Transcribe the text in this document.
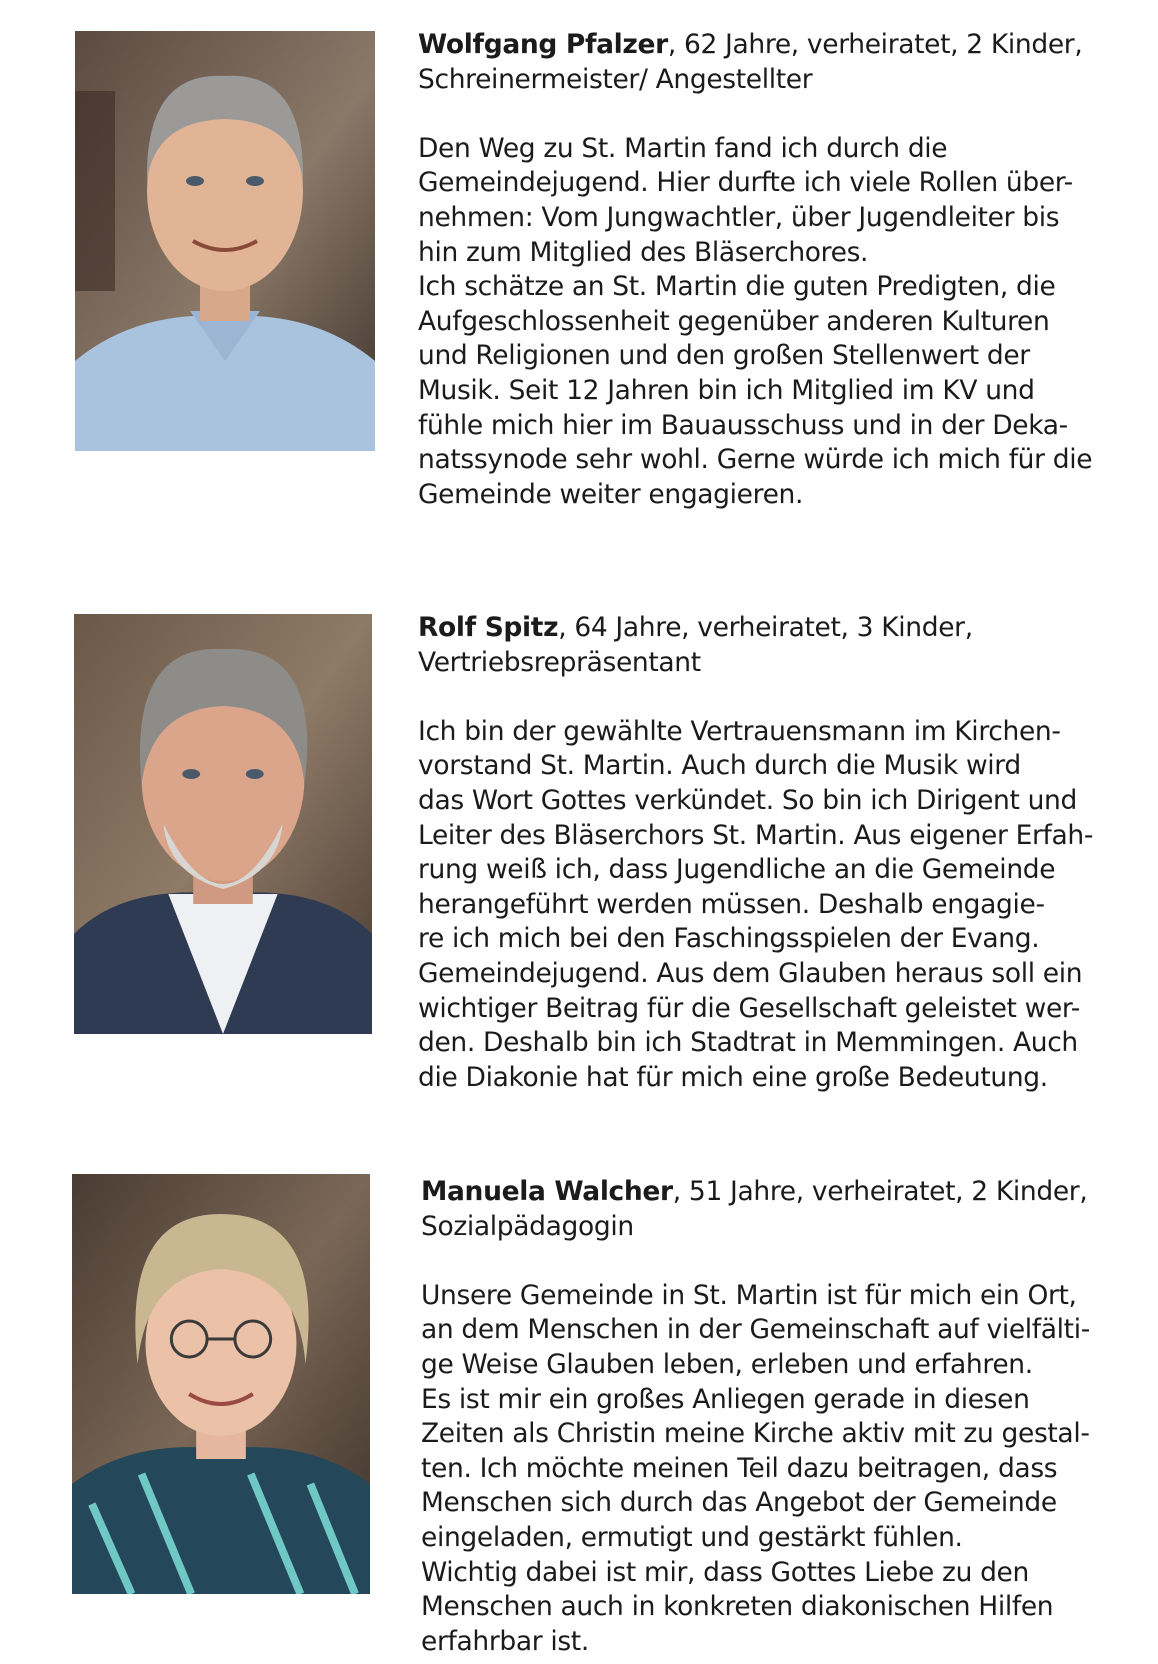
Wolfgang Pfalzer, 62 Jahre, verheiratet, 2 Kinder,

Schreinermeister/ Angestellter

Den Weg zu St. Martin fand ich durch die

Gemeindejugend. Hier durfte ich viele Rollen über-

nehmen: Vom Jungwachtler, über Jugendleiter bis

hin zum Mitglied des Bläserchores.

Ich schätze an St. Martin die guten Predigten, die

Aufgeschlossenheit gegenüber anderen Kulturen

und Religionen und den großen Stellenwert der

Musik. Seit 12 Jahren bin ich Mitglied im KV und

fühle mich hier im Bauausschuss und in der Deka-

natssynode sehr wohl. Gerne würde ich mich für die

Gemeinde weiter engagieren.

Rolf Spitz, 64 Jahre, verheiratet, 3 Kinder,

Vertriebsrepräsentant

Ich bin der gewählte Vertrauensmann im Kirchen-

vorstand St. Martin. Auch durch die Musik wird

das Wort Gottes verkündet. So bin ich Dirigent und

Leiter des Bläserchors St. Martin. Aus eigener Erfah-

rung weiß ich, dass Jugendliche an die Gemeinde

herangeführt werden müssen. Deshalb engagie-

re ich mich bei den Faschingsspielen der Evang.

Gemeindejugend. Aus dem Glauben heraus soll ein

wichtiger Beitrag für die Gesellschaft geleistet wer-

den. Deshalb bin ich Stadtrat in Memmingen. Auch

die Diakonie hat für mich eine große Bedeutung.

Manuela Walcher, 51 Jahre, verheiratet, 2 Kinder,

Sozialpädagogin

Unsere Gemeinde in St. Martin ist für mich ein Ort,

an dem Menschen in der Gemeinschaft auf vielfälti-

ge Weise Glauben leben, erleben und erfahren.

Es ist mir ein großes Anliegen gerade in diesen

Zeiten als Christin meine Kirche aktiv mit zu gestal-

ten. Ich möchte meinen Teil dazu beitragen, dass

Menschen sich durch das Angebot der Gemeinde

eingeladen, ermutigt und gestärkt fühlen.

Wichtig dabei ist mir, dass Gottes Liebe zu den

Menschen auch in konkreten diakonischen Hilfen

erfahrbar ist.
